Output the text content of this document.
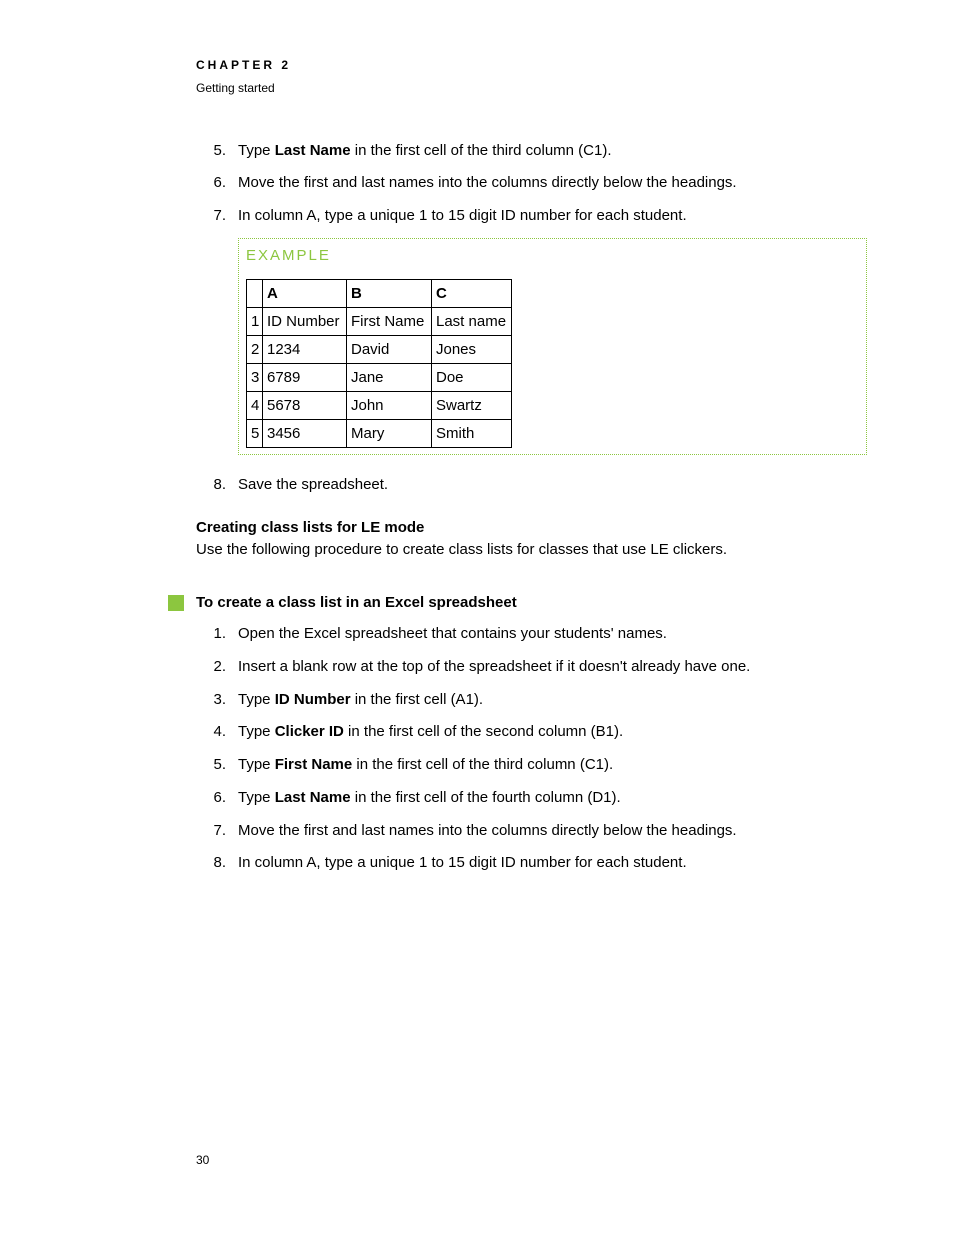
CHAPTER 2
Getting started
5. Type Last Name in the first cell of the third column (C1).
6. Move the first and last names into the columns directly below the headings.
7. In column A, type a unique 1 to 15 digit ID number for each student.
EXAMPLE
	A	B	C
1	ID Number	First Name	Last name
2	1234	David	Jones
3	6789	Jane	Doe
4	5678	John	Swartz
5	3456	Mary	Smith
8. Save the spreadsheet.
Creating class lists for LE mode
Use the following procedure to create class lists for classes that use LE clickers.
To create a class list in an Excel spreadsheet
1. Open the Excel spreadsheet that contains your students' names.
2. Insert a blank row at the top of the spreadsheet if it doesn't already have one.
3. Type ID Number in the first cell (A1).
4. Type Clicker ID in the first cell of the second column (B1).
5. Type First Name in the first cell of the third column (C1).
6. Type Last Name in the first cell of the fourth column (D1).
7. Move the first and last names into the columns directly below the headings.
8. In column A, type a unique 1 to 15 digit ID number for each student.
30
